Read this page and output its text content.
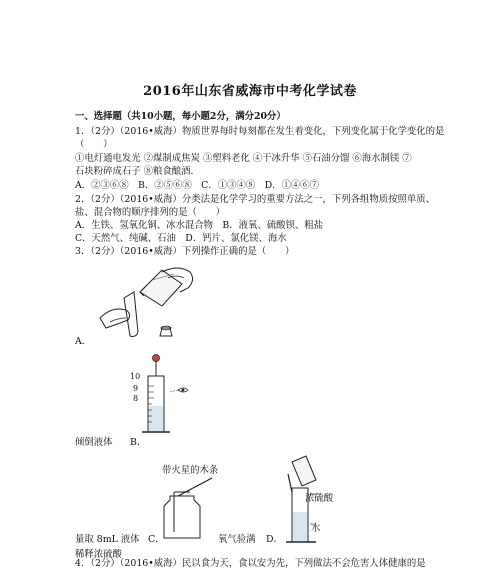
2016年山东省威海市中考化学试卷
一、选择题（共10小题，每小题2分，满分20分）
1．（2分）（2016•威海）物质世界每时每刻都在发生着变化，下列变化属于化学变化的是
（　　）
①电灯通电发光 ②煤制成焦炭 ③塑料老化 ④干冰升华 ⑤石油分馏 ⑥海水制镁 ⑦
石块粉碎成石子 ⑧粮食酿酒．
A．②③⑥⑧　B．②⑤⑥⑧　C．①③④⑧　D．①④⑥⑦
2．（2分）（2016•威海）分类法是化学学习的重要方法之一，下列各组物质按照单质、
盐、混合物的顺序排列的是（　　）
A．生铁、氢氧化铜、冰水混合物　B．液氧、硫酸钡、粗盐
C．天然气、纯碱、石油　D．钙片、氯化镁、海水
3．（2分）（2016•威海）下列操作正确的是（　　）
A．
10
9
8
倾倒液体 B．
带火星的木条
量取 8mL 液体 C．	氧气验满 D．
浓硫酸
水
稀释浓硫酸
4．（2分）（2016•威海）民以食为天，食以安为先，下列做法不会危害人体健康的是
